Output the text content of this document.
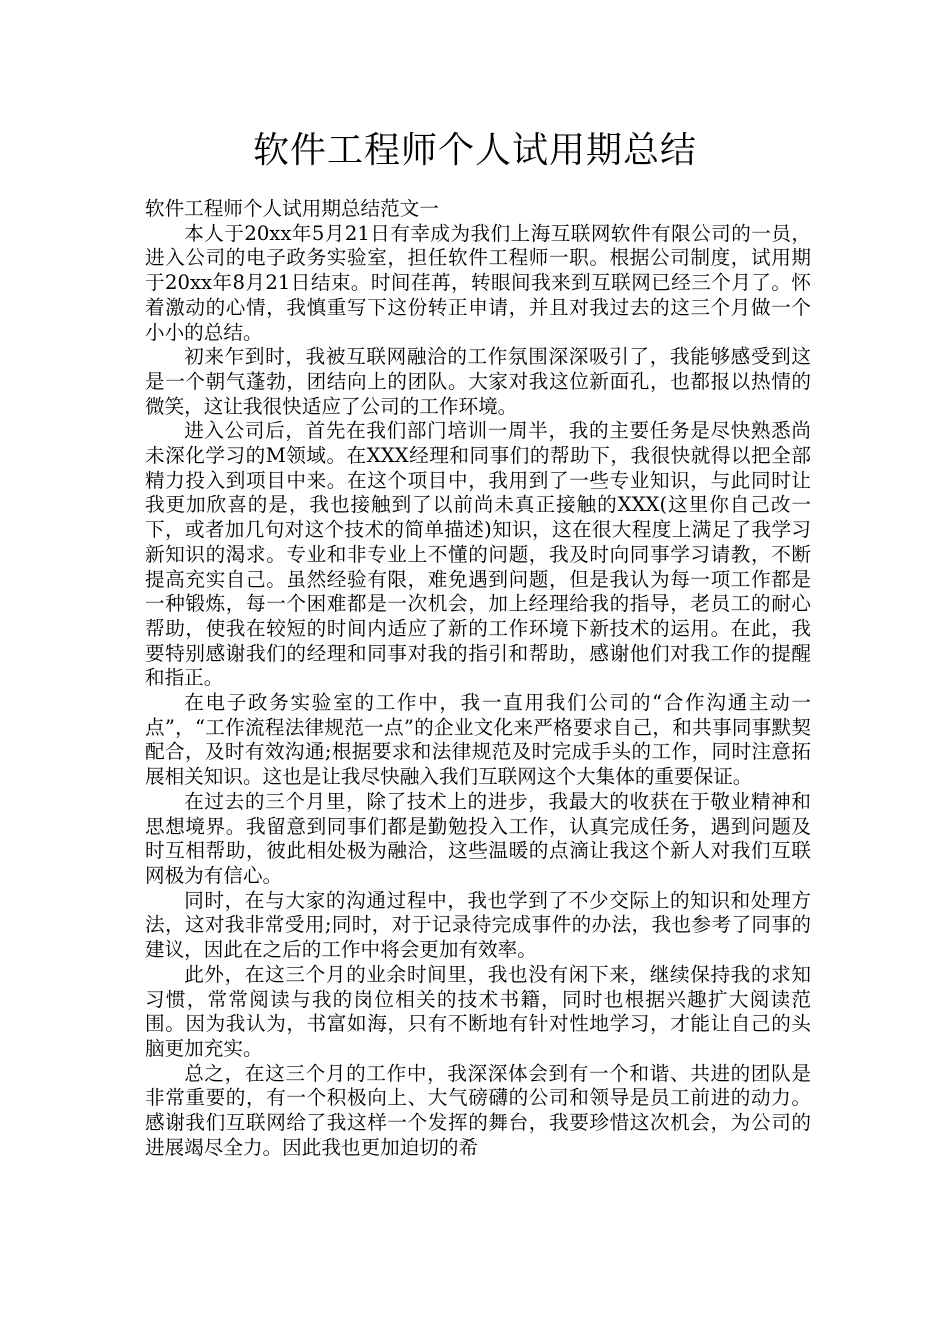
软件工程师个人试用期总结

软件工程师个人试用期总结范文一

本人于20xx年5月21日有幸成为我们上海互联网软件有限公司的一员，进入公司的电子政务实验室，担任软件工程师一职。根据公司制度，试用期于20xx年8月21日结束。时间荏苒，转眼间我来到互联网已经三个月了。怀着激动的心情，我慎重写下这份转正申请，并且对我过去的这三个月做一个小小的总结。

初来乍到时，我被互联网融洽的工作氛围深深吸引了，我能够感受到这是一个朝气蓬勃，团结向上的团队。大家对我这位新面孔，也都报以热情的微笑，这让我很快适应了公司的工作环境。

进入公司后，首先在我们部门培训一周半，我的主要任务是尽快熟悉尚未深化学习的M领域。在XXX经理和同事们的帮助下，我很快就得以把全部精力投入到项目中来。在这个项目中，我用到了一些专业知识，与此同时让我更加欣喜的是，我也接触到了以前尚未真正接触的XXX(这里你自己改一下，或者加几句对这个技术的简单描述)知识，这在很大程度上满足了我学习新知识的渴求。专业和非专业上不懂的问题，我及时向同事学习请教，不断提高充实自己。虽然经验有限，难免遇到问题，但是我认为每一项工作都是一种锻炼，每一个困难都是一次机会，加上经理给我的指导，老员工的耐心帮助，使我在较短的时间内适应了新的工作环境下新技术的运用。在此，我要特别感谢我们的经理和同事对我的指引和帮助，感谢他们对我工作的提醒和指正。

在电子政务实验室的工作中，我一直用我们公司的“合作沟通主动一点”，“工作流程法律规范一点”的企业文化来严格要求自己，和共事同事默契配合，及时有效沟通;根据要求和法律规范及时完成手头的工作，同时注意拓展相关知识。这也是让我尽快融入我们互联网这个大集体的重要保证。

在过去的三个月里，除了技术上的进步，我最大的收获在于敬业精神和思想境界。我留意到同事们都是勤勉投入工作，认真完成任务，遇到问题及时互相帮助，彼此相处极为融洽，这些温暖的点滴让我这个新人对我们互联网极为有信心。

同时，在与大家的沟通过程中，我也学到了不少交际上的知识和处理方法，这对我非常受用;同时，对于记录待完成事件的办法，我也参考了同事的建议，因此在之后的工作中将会更加有效率。

此外，在这三个月的业余时间里，我也没有闲下来，继续保持我的求知习惯，常常阅读与我的岗位相关的技术书籍，同时也根据兴趣扩大阅读范围。因为我认为，书富如海，只有不断地有针对性地学习，才能让自己的头脑更加充实。

总之，在这三个月的工作中，我深深体会到有一个和谐、共进的团队是非常重要的，有一个积极向上、大气磅礴的公司和领导是员工前进的动力。感谢我们互联网给了我这样一个发挥的舞台，我要珍惜这次机会，为公司的进展竭尽全力。因此我也更加迫切的希
